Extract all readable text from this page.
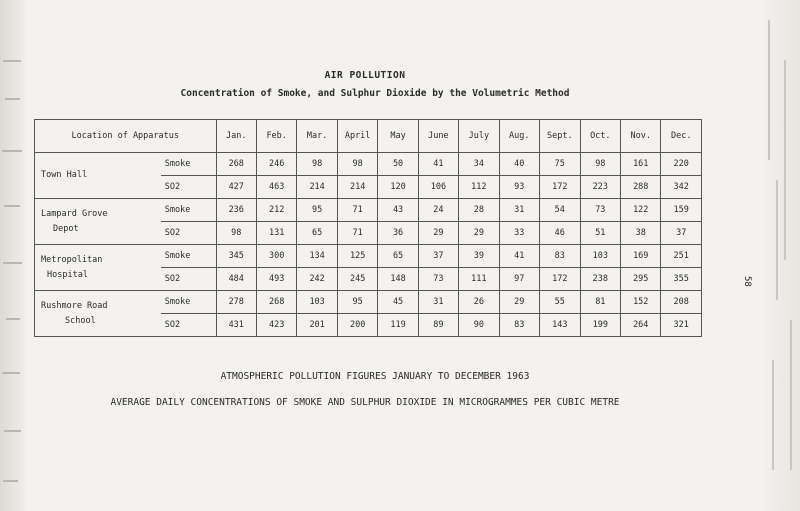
AIR POLLUTION
Concentration of Smoke, and Sulphur Dioxide by the Volumetric Method
Location of Apparatus		Jan.	Feb.	Mar.	April	May	June	July	Aug.	Sept.	Oct.	Nov.	Dec.

Town Hall	Smoke	268	246	98	98	50	41	34	40	75	98	161	220
	SO2	427	463	214	214	120	106	112	93	172	223	288	342

Lampard Grove
Depot	Smoke	236	212	95	71	43	24	28	31	54	73	122	159
	SO2	98	131	65	71	36	29	29	33	46	51	38	37

Metropolitan
Hospital	Smoke	345	300	134	125	65	37	39	41	83	103	169	251
	SO2	484	493	242	245	148	73	111	97	172	238	295	355

Rushmore Road
School	Smoke	278	268	103	95	45	31	26	29	55	81	152	208
	SO2	431	423	201	200	119	89	90	83	143	199	264	321
58
ATMOSPHERIC POLLUTION FIGURES JANUARY TO DECEMBER 1963
AVERAGE DAILY CONCENTRATIONS OF SMOKE AND SULPHUR DIOXIDE IN MICROGRAMMES PER CUBIC METRE
